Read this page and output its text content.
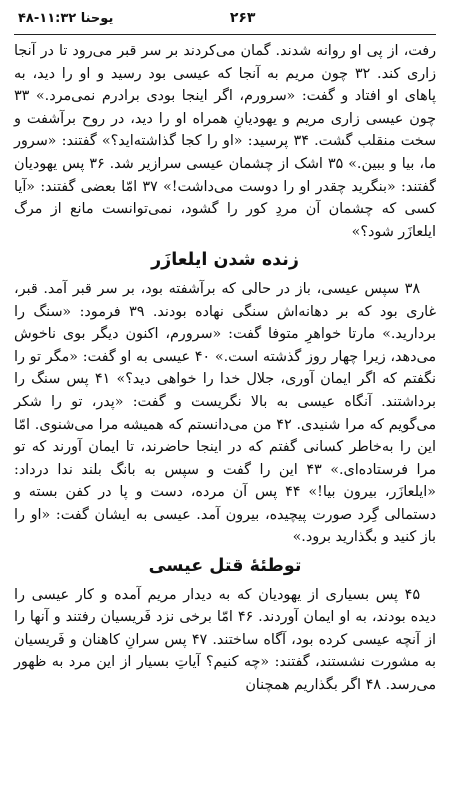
یوحنا ۱۱:۳۲-۴۸	۲۶۳

رفت، از پی او روانه شدند. گمان می‌کردند بر سر قبر می‌رود تا در آنجا زاری کند. ۳۲ چون مریم به آنجا که عیسی بود رسید و او را دید، به پاهای او افتاد و گفت: «سرورم، اگر اینجا بودی برادرم نمی‌مرد.» ۳۳ چون عیسی زاری مریم و یهودیانِ همراه او را دید، در روح برآشفت و سخت منقلب گشت. ۳۴ پرسید: «او را کجا گذاشته‌اید؟» گفتند: «سرور ما، بیا و ببین.» ۳۵ اشک از چشمان عیسی سرازیر شد. ۳۶ پس یهودیان گفتند: «بنگرید چقدر او را دوست می‌داشت!» ۳۷ امّا بعضی گفتند: «آیا کسی که چشمان آن مردِ کور را گشود، نمی‌توانست مانع از مرگ ایلعازَر شود؟»

زنده شدن ایلعازَر

۳۸ سپس عیسی، باز در حالی که برآشفته بود، بر سر قبر آمد. قبر، غاری بود که بر دهانه‌اش سنگی نهاده بودند. ۳۹ فرمود: «سنگ را بردارید.» مارتا خواهرِ متوفا گفت: «سرورم، اکنون دیگر بوی ناخوش می‌دهد، زیرا چهار روز گذشته است.» ۴۰ عیسی به او گفت: «مگر تو را نگفتم که اگر ایمان آوری، جلال خدا را خواهی دید؟» ۴۱ پس سنگ را برداشتند. آنگاه عیسی به بالا نگریست و گفت: «پدر، تو را شکر می‌گویم که مرا شنیدی. ۴۲ من می‌دانستم که همیشه مرا می‌شنوی. امّا این را به‌خاطر کسانی گفتم که در اینجا حاضرند، تا ایمان آورند که تو مرا فرستاده‌ای.» ۴۳ این را گفت و سپس به بانگ بلند ندا درداد: «ایلعازَر، بیرون بیا!» ۴۴ پس آن مرده، دست و پا در کفن بسته و دستمالی گِرد صورت پیچیده، بیرون آمد. عیسی به ایشان گفت: «او را باز کنید و بگذارید برود.»

توطئهٔ قتل عیسی

۴۵ پس بسیاری از یهودیان که به دیدار مریم آمده و کار عیسی را دیده بودند، به او ایمان آوردند. ۴۶ امّا برخی نزد فَریسیان رفتند و آنها را از آنچه عیسی کرده بود، آگاه ساختند. ۴۷ پس سرانِ کاهنان و فَریسیان به مشورت نشستند، گفتند: «چه کنیم؟ آیاتِ بسیار از این مرد به ظهور می‌رسد. ۴۸ اگر بگذاریم همچنان
